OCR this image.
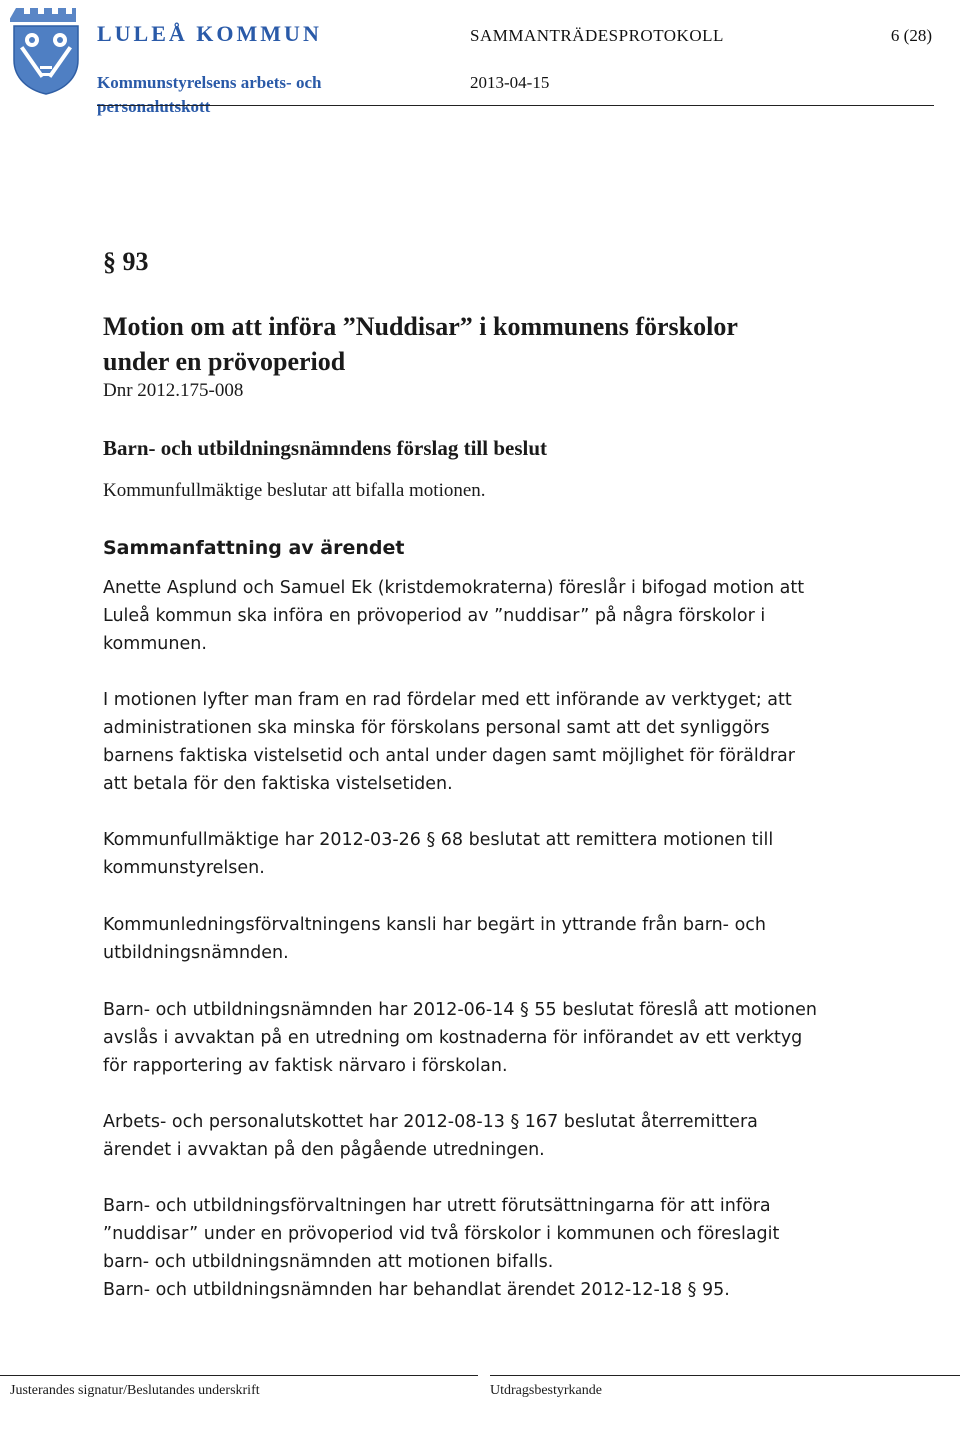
LULEÅ KOMMUN
Kommunstyrelsens arbets- och
personalutskott
SAMMANTRÄDESPROTOKOLL	6 (28)
2013-04-15
§ 93
Motion om att införa ”Nuddisar” i kommunens förskolor
under en prövoperiod
Dnr 2012.175-008
Barn- och utbildningsnämndens förslag till beslut

Kommunfullmäktige beslutar att bifalla motionen.

Sammanfattning av ärendet

Anette Asplund och Samuel Ek (kristdemokraterna) föreslår i bifogad motion att Luleå kommun ska införa en prövoperiod av ”nuddisar” på några förskolor i kommunen.

I motionen lyfter man fram en rad fördelar med ett införande av verktyget; att administrationen ska minska för förskolans personal samt att det synliggörs barnens faktiska vistelsetid och antal under dagen samt möjlighet för föräldrar att betala för den faktiska vistelsetiden.

Kommunfullmäktige har 2012-03-26 § 68 beslutat att remittera motionen till kommunstyrelsen.

Kommunledningsförvaltningens kansli har begärt in yttrande från barn- och utbildningsnämnden.

Barn- och utbildningsnämnden har 2012-06-14 § 55 beslutat föreslå att motionen avslås i avvaktan på en utredning om kostnaderna för införandet av ett verktyg för rapportering av faktisk närvaro i förskolan.

Arbets- och personalutskottet har 2012-08-13 § 167 beslutat återremittera ärendet i avvaktan på den pågående utredningen.

Barn- och utbildningsförvaltningen har utrett förutsättningarna för att införa ”nuddisar” under en prövoperiod vid två förskolor i kommunen och föreslagit barn- och utbildningsnämnden att motionen bifalls.

Barn- och utbildningsnämnden har behandlat ärendet 2012-12-18 § 95.

Justerandes signatur/Beslutandes underskrift	Utdragsbestyrkande
